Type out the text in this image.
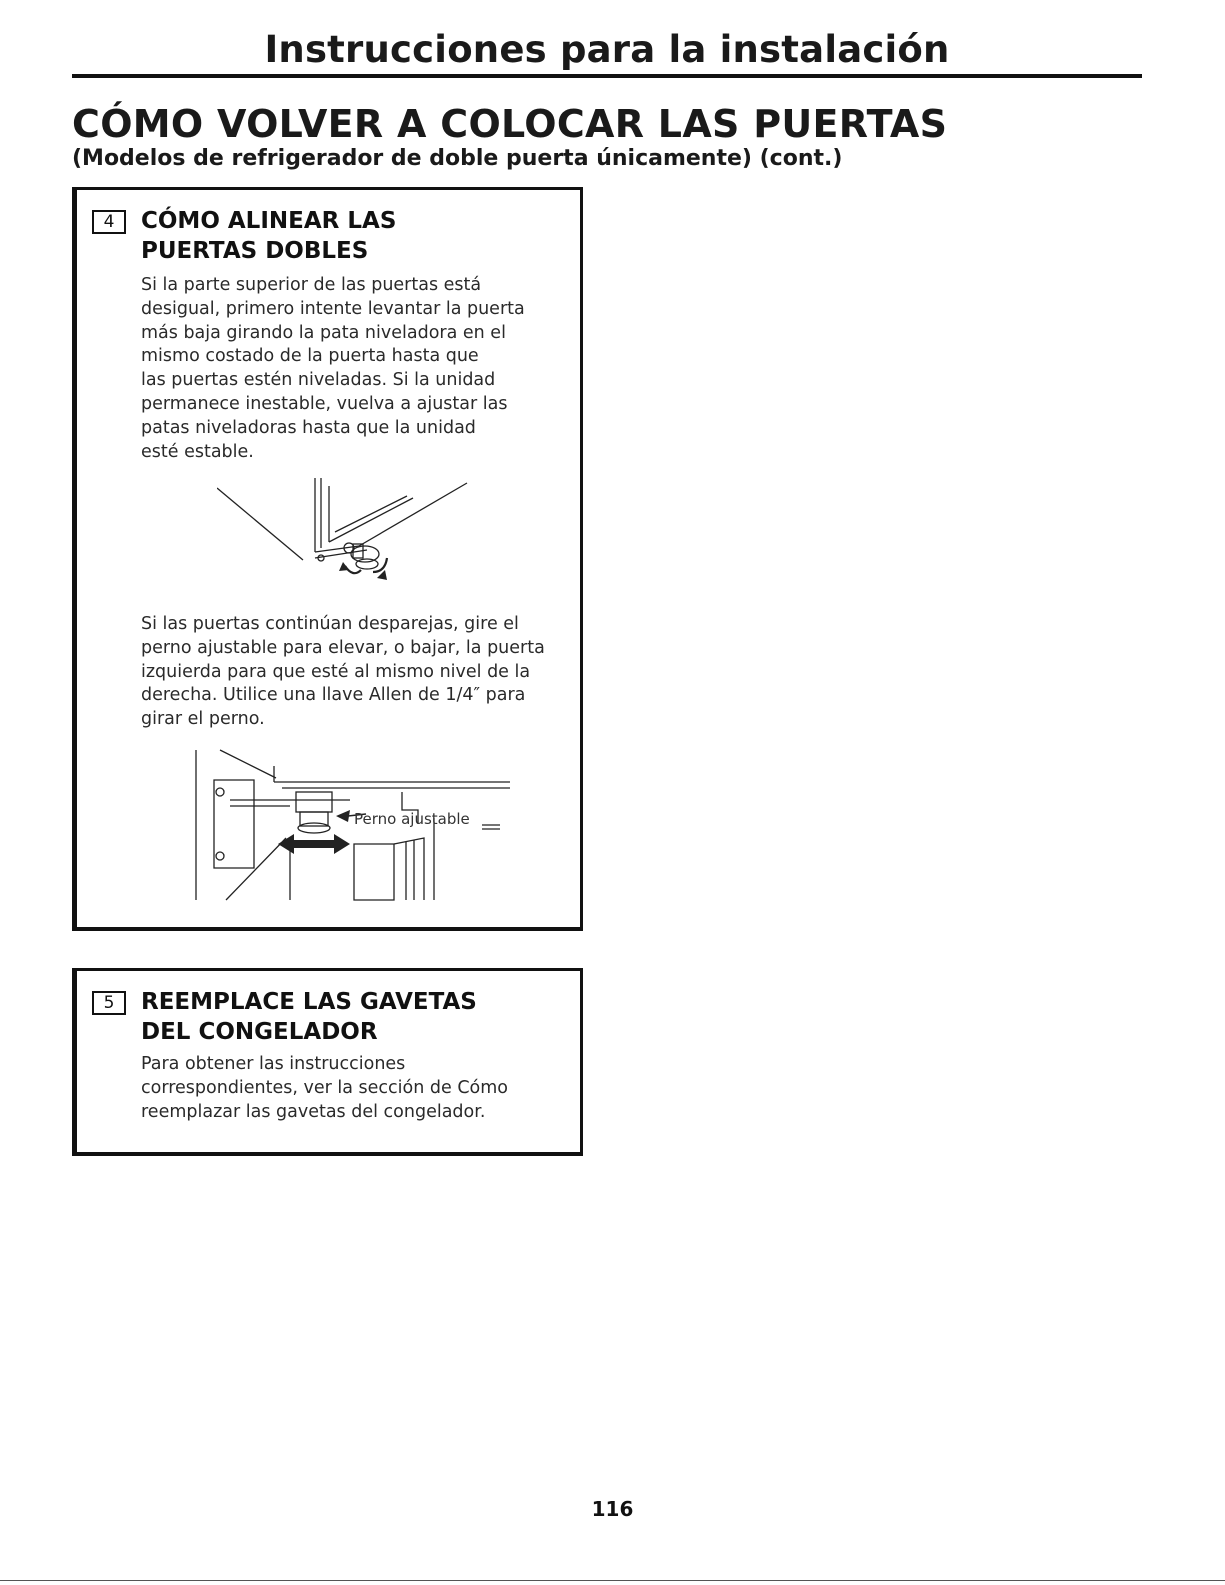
Instrucciones para la instalación
CÓMO VOLVER A COLOCAR LAS PUERTAS
(Modelos de refrigerador de doble puerta únicamente) (cont.)
4	CÓMO ALINEAR LAS
PUERTAS DOBLES
Si la parte superior de las puertas está
desigual, primero intente levantar la puerta
más baja girando la pata niveladora en el
mismo costado de la puerta hasta que
las puertas estén niveladas. Si la unidad
permanece inestable, vuelva a ajustar las
patas niveladoras hasta que la unidad
esté estable.
Si las puertas continúan desparejas, gire el
perno ajustable para elevar, o bajar, la puerta
izquierda para que esté al mismo nivel de la
derecha. Utilice una llave Allen de 1/4″ para
girar el perno.
Perno ajustable
5	REEMPLACE LAS GAVETAS
DEL CONGELADOR
Para obtener las instrucciones
correspondientes, ver la sección de Cómo
reemplazar las gavetas del congelador.
116
